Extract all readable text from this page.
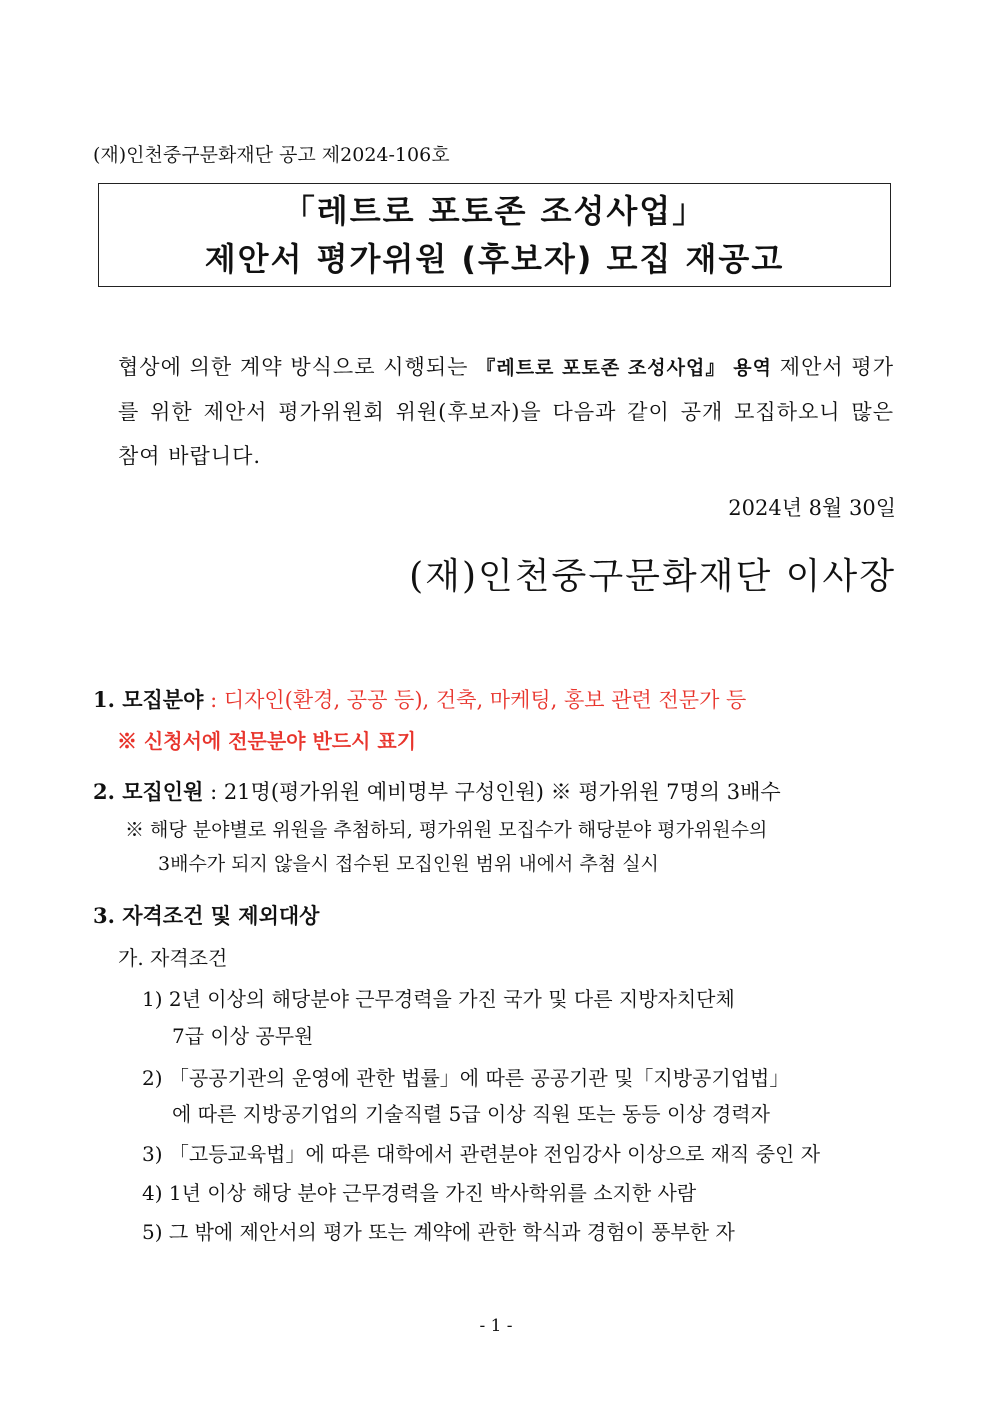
(재)인천중구문화재단 공고 제2024-106호
「레트로 포토존 조성사업」
제안서 평가위원 (후보자) 모집 재공고

협상에 의한 계약 방식으로 시행되는 『레트로 포토존 조성사업』 용역 제안서 평가를 위한 제안서 평가위원회 위원(후보자)을 다음과 같이 공개 모집하오니 많은 참여 바랍니다.

2024년 8월 30일
(재)인천중구문화재단 이사장
1. 모집분야 : 디자인(환경, 공공 등), 건축, 마케팅, 홍보 관련 전문가 등
※ 신청서에 전문분야 반드시 표기
2. 모집인원 : 21명(평가위원 예비명부 구성인원) ※ 평가위원 7명의 3배수
※ 해당 분야별로 위원을 추첨하되, 평가위원 모집수가 해당분야 평가위원수의
3배수가 되지 않을시 접수된 모집인원 범위 내에서 추첨 실시
3. 자격조건 및 제외대상
가. 자격조건
1) 2년 이상의 해당분야 근무경력을 가진 국가 및 다른 지방자치단체
7급 이상 공무원
2) 「공공기관의 운영에 관한 법률」에 따른 공공기관 및「지방공기업법」
에 따른 지방공기업의 기술직렬 5급 이상 직원 또는 동등 이상 경력자
3) 「고등교육법」에 따른 대학에서 관련분야 전임강사 이상으로 재직 중인 자
4) 1년 이상 해당 분야 근무경력을 가진 박사학위를 소지한 사람
5) 그 밖에 제안서의 평가 또는 계약에 관한 학식과 경험이 풍부한 자
- 1 -
